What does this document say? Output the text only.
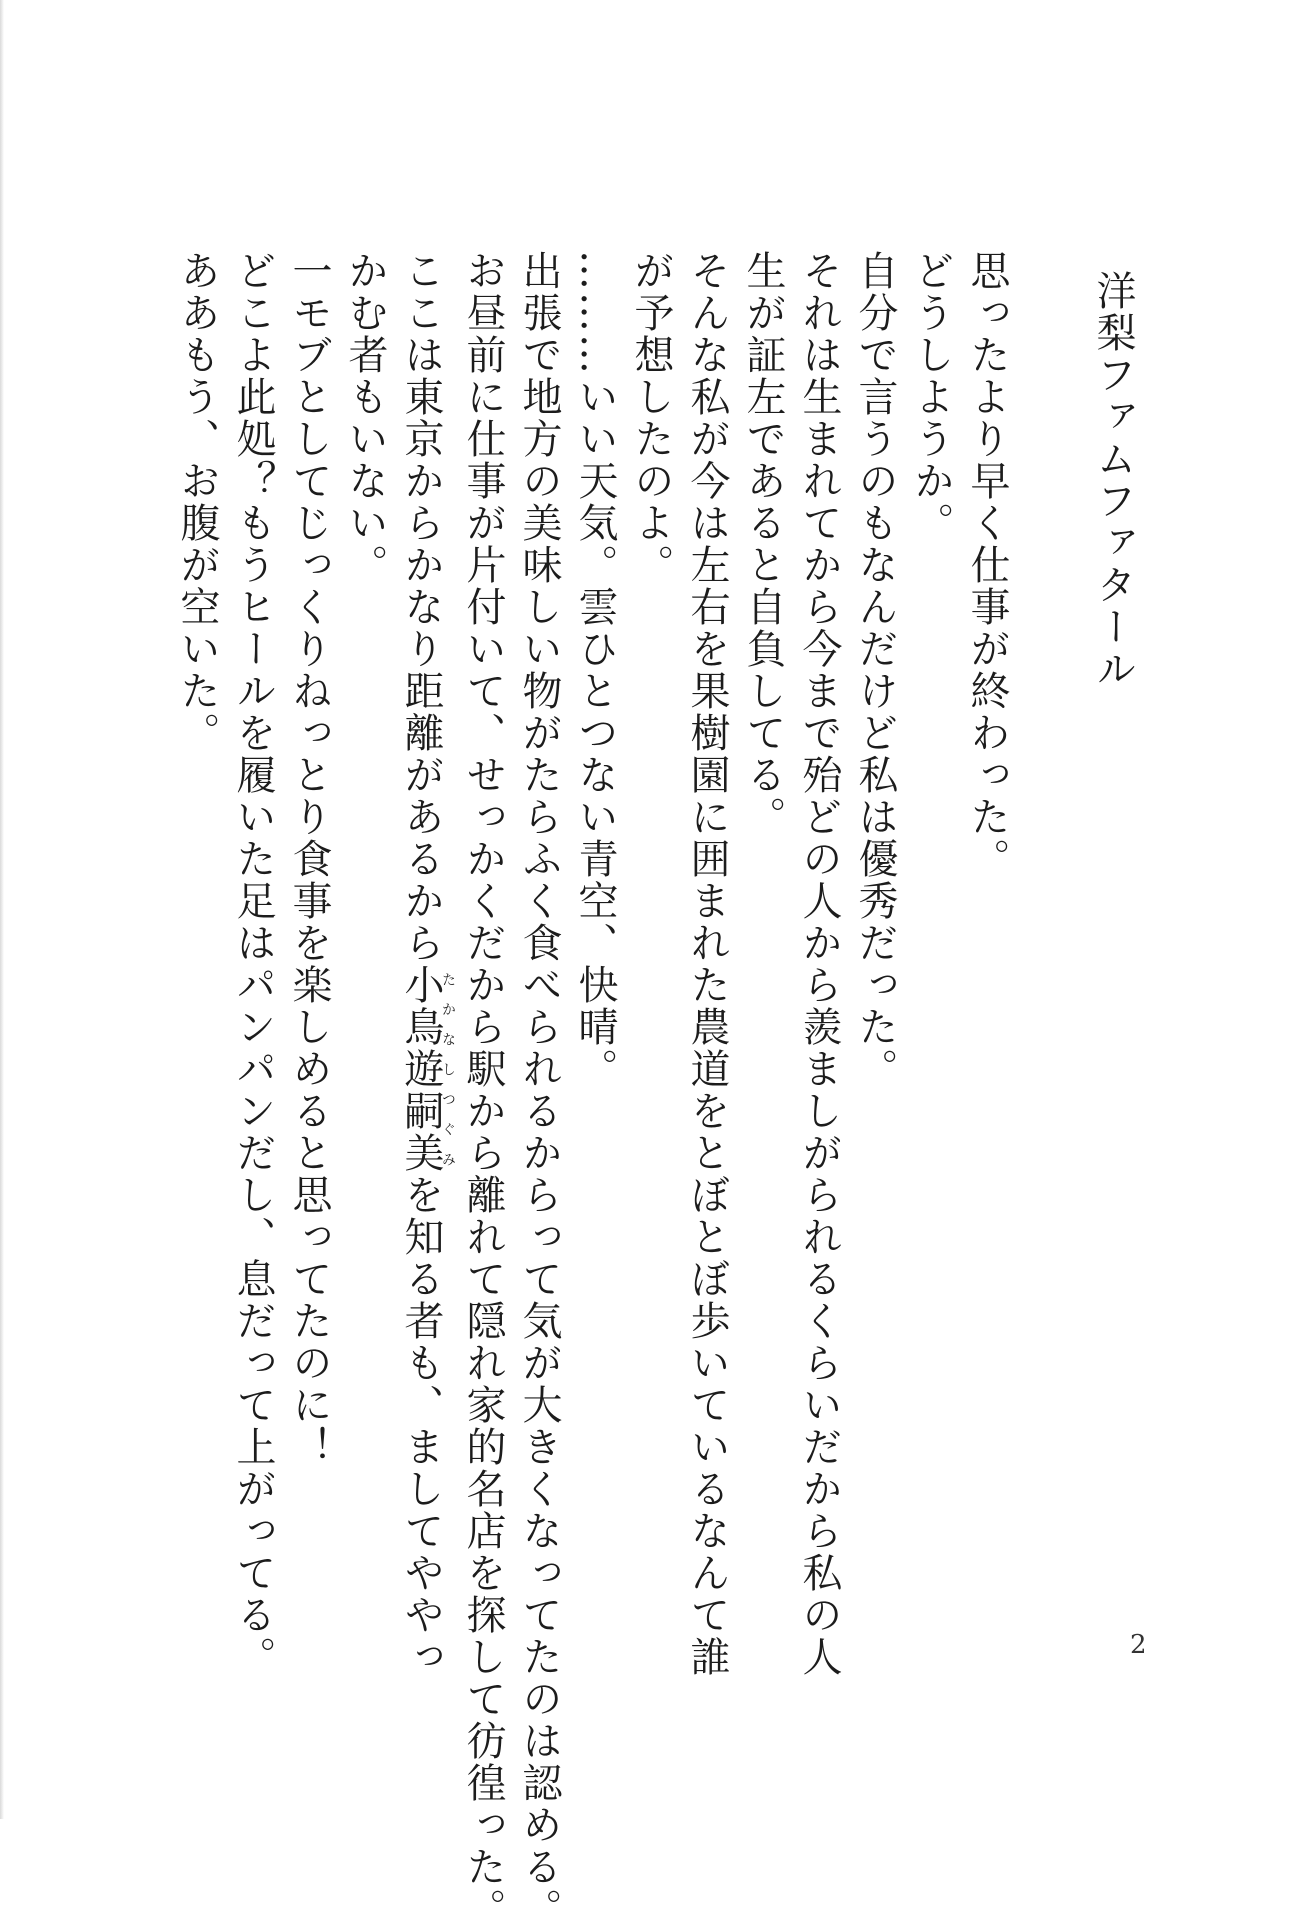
洋梨ファムファタール
思ったより早く仕事が終わった。
どうしようか。
自分で言うのもなんだけど私は優秀だった。
それは生まれてから今まで殆どの人から羨ましがられるくらいだから私の人生が証左であると自負してる。
そんな私が今は左右を果樹園に囲まれた農道をとぼとぼ歩いているなんて誰が予想したのよ。
………いい天気。雲ひとつない青空、快晴。
出張で地方の美味しい物がたらふく食べられるからって気が大きくなってたのは認める。
お昼前に仕事が片付いて、せっかくだから駅から離れて隠れ家的名店を探して彷徨った。
ここは東京からかなり距離があるから小鳥遊嗣美たかなしつぐみを知る者も、ましてややっかむ者もいない。
一モブとしてじっくりねっとり食事を楽しめると思ってたのに！
どこよ此処？もうヒールを履いた足はパンパンだし、息だって上がってる。
ああもう、お腹が空いた。
2
